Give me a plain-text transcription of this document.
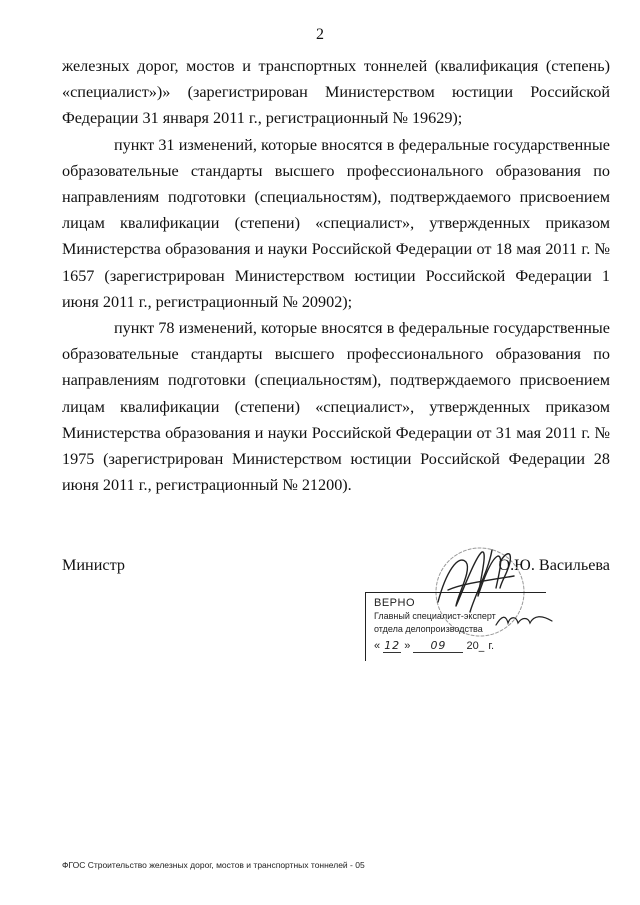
2

железных дорог, мостов и транспортных тоннелей (квалификация (степень) «специалист»)» (зарегистрирован Министерством юстиции Российской Федерации 31 января 2011 г., регистрационный № 19629);

пункт 31 изменений, которые вносятся в федеральные государственные образовательные стандарты высшего профессионального образования по направлениям подготовки (специальностям), подтверждаемого присвоением лицам квалификации (степени) «специалист», утвержденных приказом Министерства образования и науки Российской Федерации от 18 мая 2011 г. № 1657 (зарегистрирован Министерством юстиции Российской Федерации 1 июня 2011 г., регистрационный № 20902);

пункт 78 изменений, которые вносятся в федеральные государственные образовательные стандарты высшего профессионального образования по направлениям подготовки (специальностям), подтверждаемого присвоением лицам квалификации (степени) «специалист», утвержденных приказом Министерства образования и науки Российской Федерации от 31 мая 2011 г. № 1975 (зарегистрирован Министерством юстиции Российской Федерации 28 июня 2011 г., регистрационный № 21200).

Министр	О.Ю. Васильева
ВЕРНО
Главный специалист-эксперт
отдела делопроизводства
« 12 » 09 20_ г.
ФГОС Строительство железных дорог, мостов и транспортных тоннелей - 05
